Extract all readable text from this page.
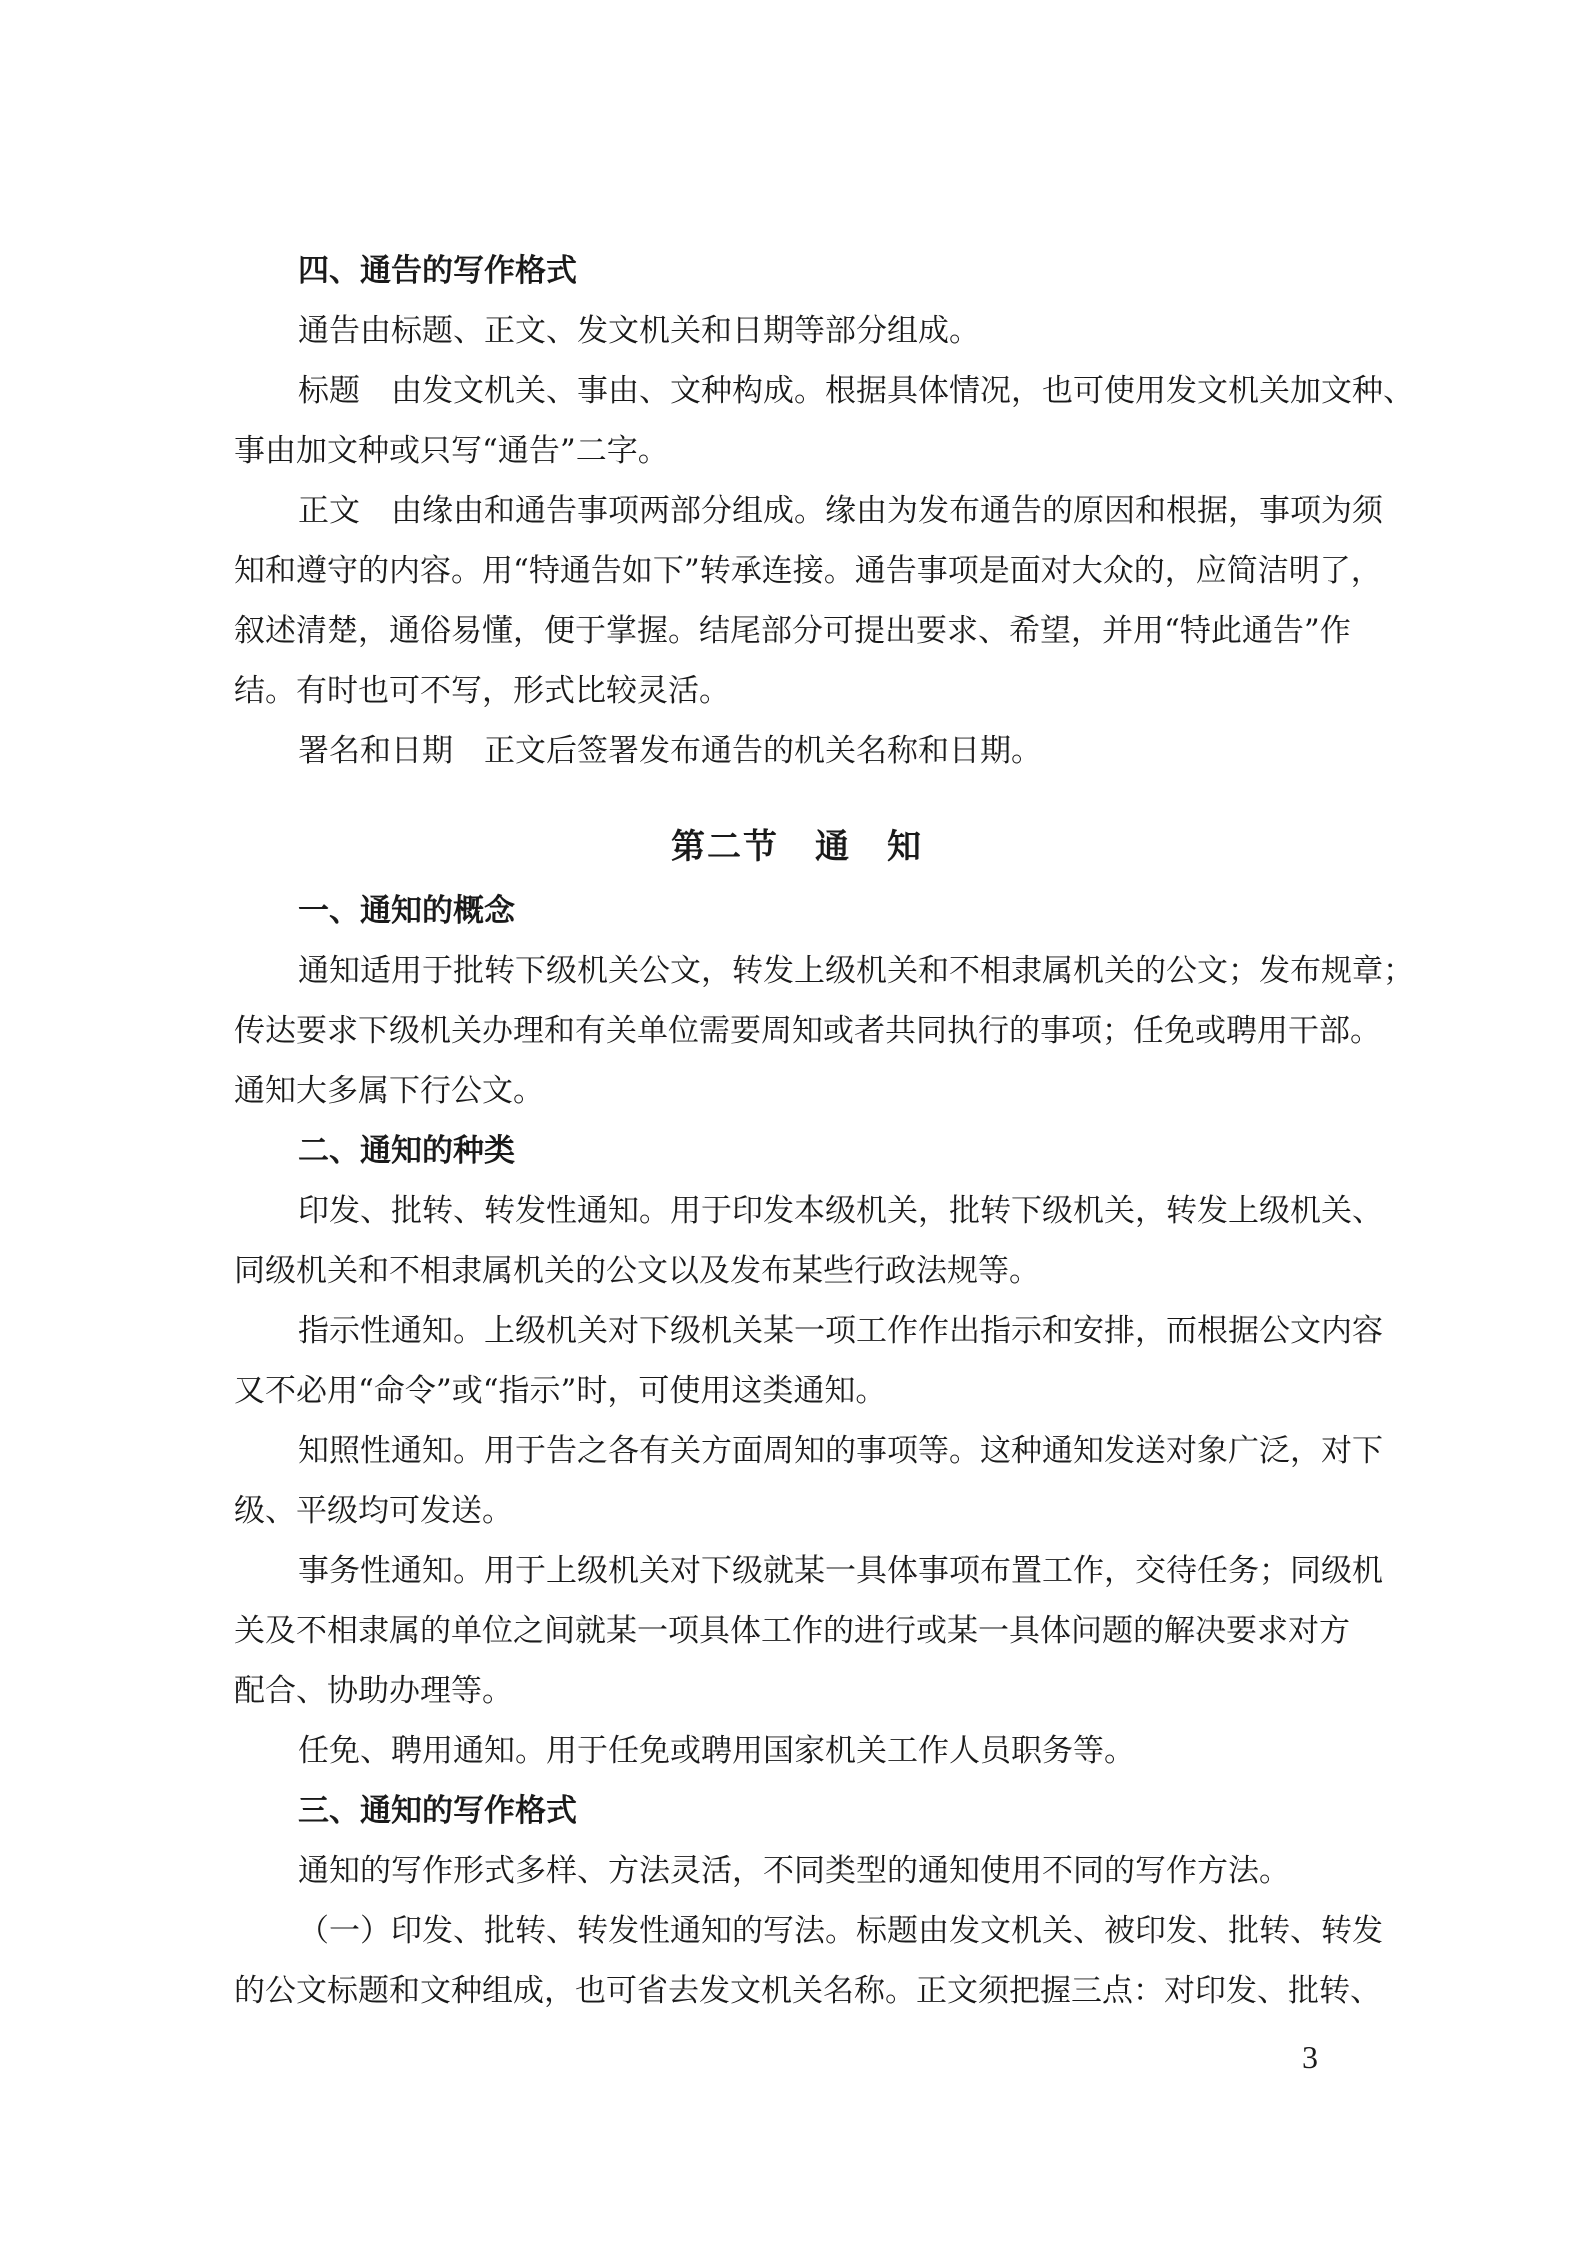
四、通告的写作格式
通告由标题、正文、发文机关和日期等部分组成。
标题 由发文机关、事由、文种构成。根据具体情况，也可使用发文机关加文种、
事由加文种或只写“通告”二字。
正文 由缘由和通告事项两部分组成。缘由为发布通告的原因和根据，事项为须
知和遵守的内容。用“特通告如下”转承连接。通告事项是面对大众的，应简洁明了，
叙述清楚，通俗易懂，便于掌握。结尾部分可提出要求、希望，并用“特此通告”作
结。有时也可不写，形式比较灵活。
署名和日期 正文后签署发布通告的机关名称和日期。
第二节　通　知
一、通知的概念
通知适用于批转下级机关公文，转发上级机关和不相隶属机关的公文；发布规章；
传达要求下级机关办理和有关单位需要周知或者共同执行的事项；任免或聘用干部。
通知大多属下行公文。
二、通知的种类
印发、批转、转发性通知。用于印发本级机关，批转下级机关，转发上级机关、
同级机关和不相隶属机关的公文以及发布某些行政法规等。
指示性通知。上级机关对下级机关某一项工作作出指示和安排，而根据公文内容
又不必用“命令”或“指示”时，可使用这类通知。
知照性通知。用于告之各有关方面周知的事项等。这种通知发送对象广泛，对下
级、平级均可发送。
事务性通知。用于上级机关对下级就某一具体事项布置工作，交待任务；同级机
关及不相隶属的单位之间就某一项具体工作的进行或某一具体问题的解决要求对方
配合、协助办理等。
任免、聘用通知。用于任免或聘用国家机关工作人员职务等。
三、通知的写作格式
通知的写作形式多样、方法灵活，不同类型的通知使用不同的写作方法。
（一）印发、批转、转发性通知的写法。标题由发文机关、被印发、批转、转发
的公文标题和文种组成，也可省去发文机关名称。正文须把握三点：对印发、批转、
3
